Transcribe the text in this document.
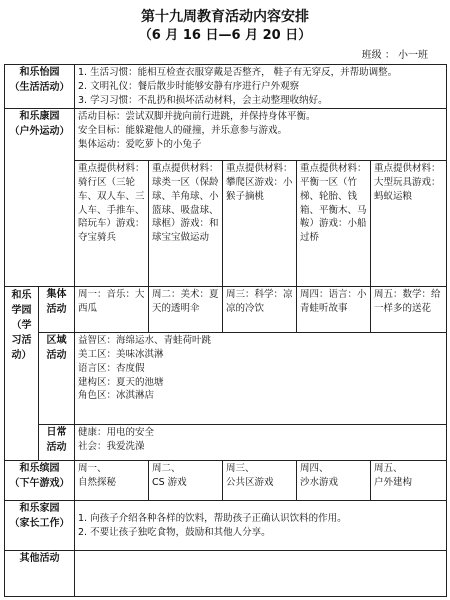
第十九周教育活动内容安排
（6 月 16 日—6 月 20 日）
班级 ： 小一班
和乐怡园
（生活活动）		1. 生活习惯：能相互检查衣服穿戴是否整齐， 鞋子有无穿反，并帮助调整。
2. 文明礼仪：餐后散步时能够安静有序进行户外观察
3. 学习习惯：不乱扔和损坏活动材料，会主动整理收纳好。				

和乐康园
（户外运动）		活动目标：尝试双脚并拢向前行进跳，并保持身体平衡。
安全目标：能躲避他人的碰撞，并乐意参与游戏。
集体运动：爱吃萝卜的小兔子				

		重点提供材料：骑行区（三轮车、双人车、三人车、手推车、陪玩车）游戏：夺宝骑兵	重点提供材料：球类一区（保龄球、羊角球、小篮球、吸盘球、球框）游戏：和球宝宝做运动	重点提供材料：攀爬区游戏：小猴子摘桃	重点提供材料：平衡一区（竹梯、轮胎、钱箱、平衡木、马鞍）游戏：小船过桥	重点提供材料：大型玩具游戏：蚂蚁运粮

和乐学园
（学习活动）	集体活动	周一：音乐：大西瓜	周二：美术：夏天的透明伞	周三：科学：凉凉的冷饮	周四：语言：小青蛙听故事	周五：数学：给一样多的送花

	区域活动	益智区：海绵运水、青蛙荷叶跳
美工区：美味冰淇淋
语言区：杏度假
建构区：夏天的池塘
角色区：冰淇淋店				

	日常活动	健康：用电的安全
社会：我爱洗澡				

和乐缤园
（下午游戏）		周一、
自然探秘	周二、
CS 游戏	周三、
公共区游戏	周四、
沙水游戏	周五、
户外建构

和乐家园
（家长工作）		1. 向孩子介绍各种各样的饮料，帮助孩子正确认识饮料的作用。
2. 不要让孩子独吃食物，鼓励和其他人分享。				

其他活动						
